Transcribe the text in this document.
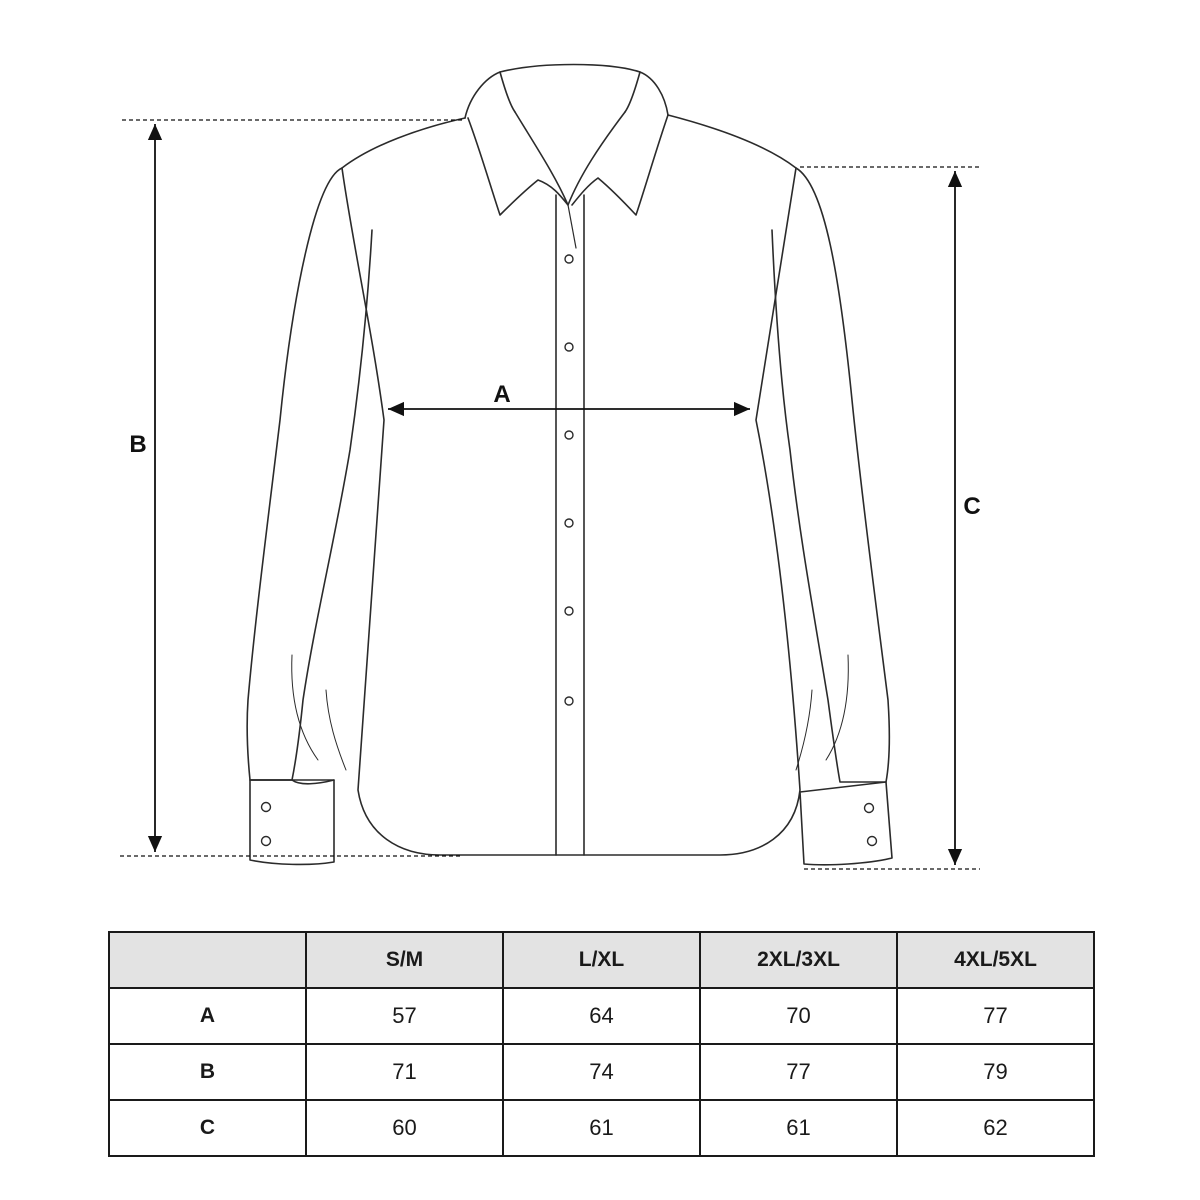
A
B
C
	S/M	L/XL	2XL/3XL	4XL/5XL
A	57	64	70	77
B	71	74	77	79
C	60	61	61	62
